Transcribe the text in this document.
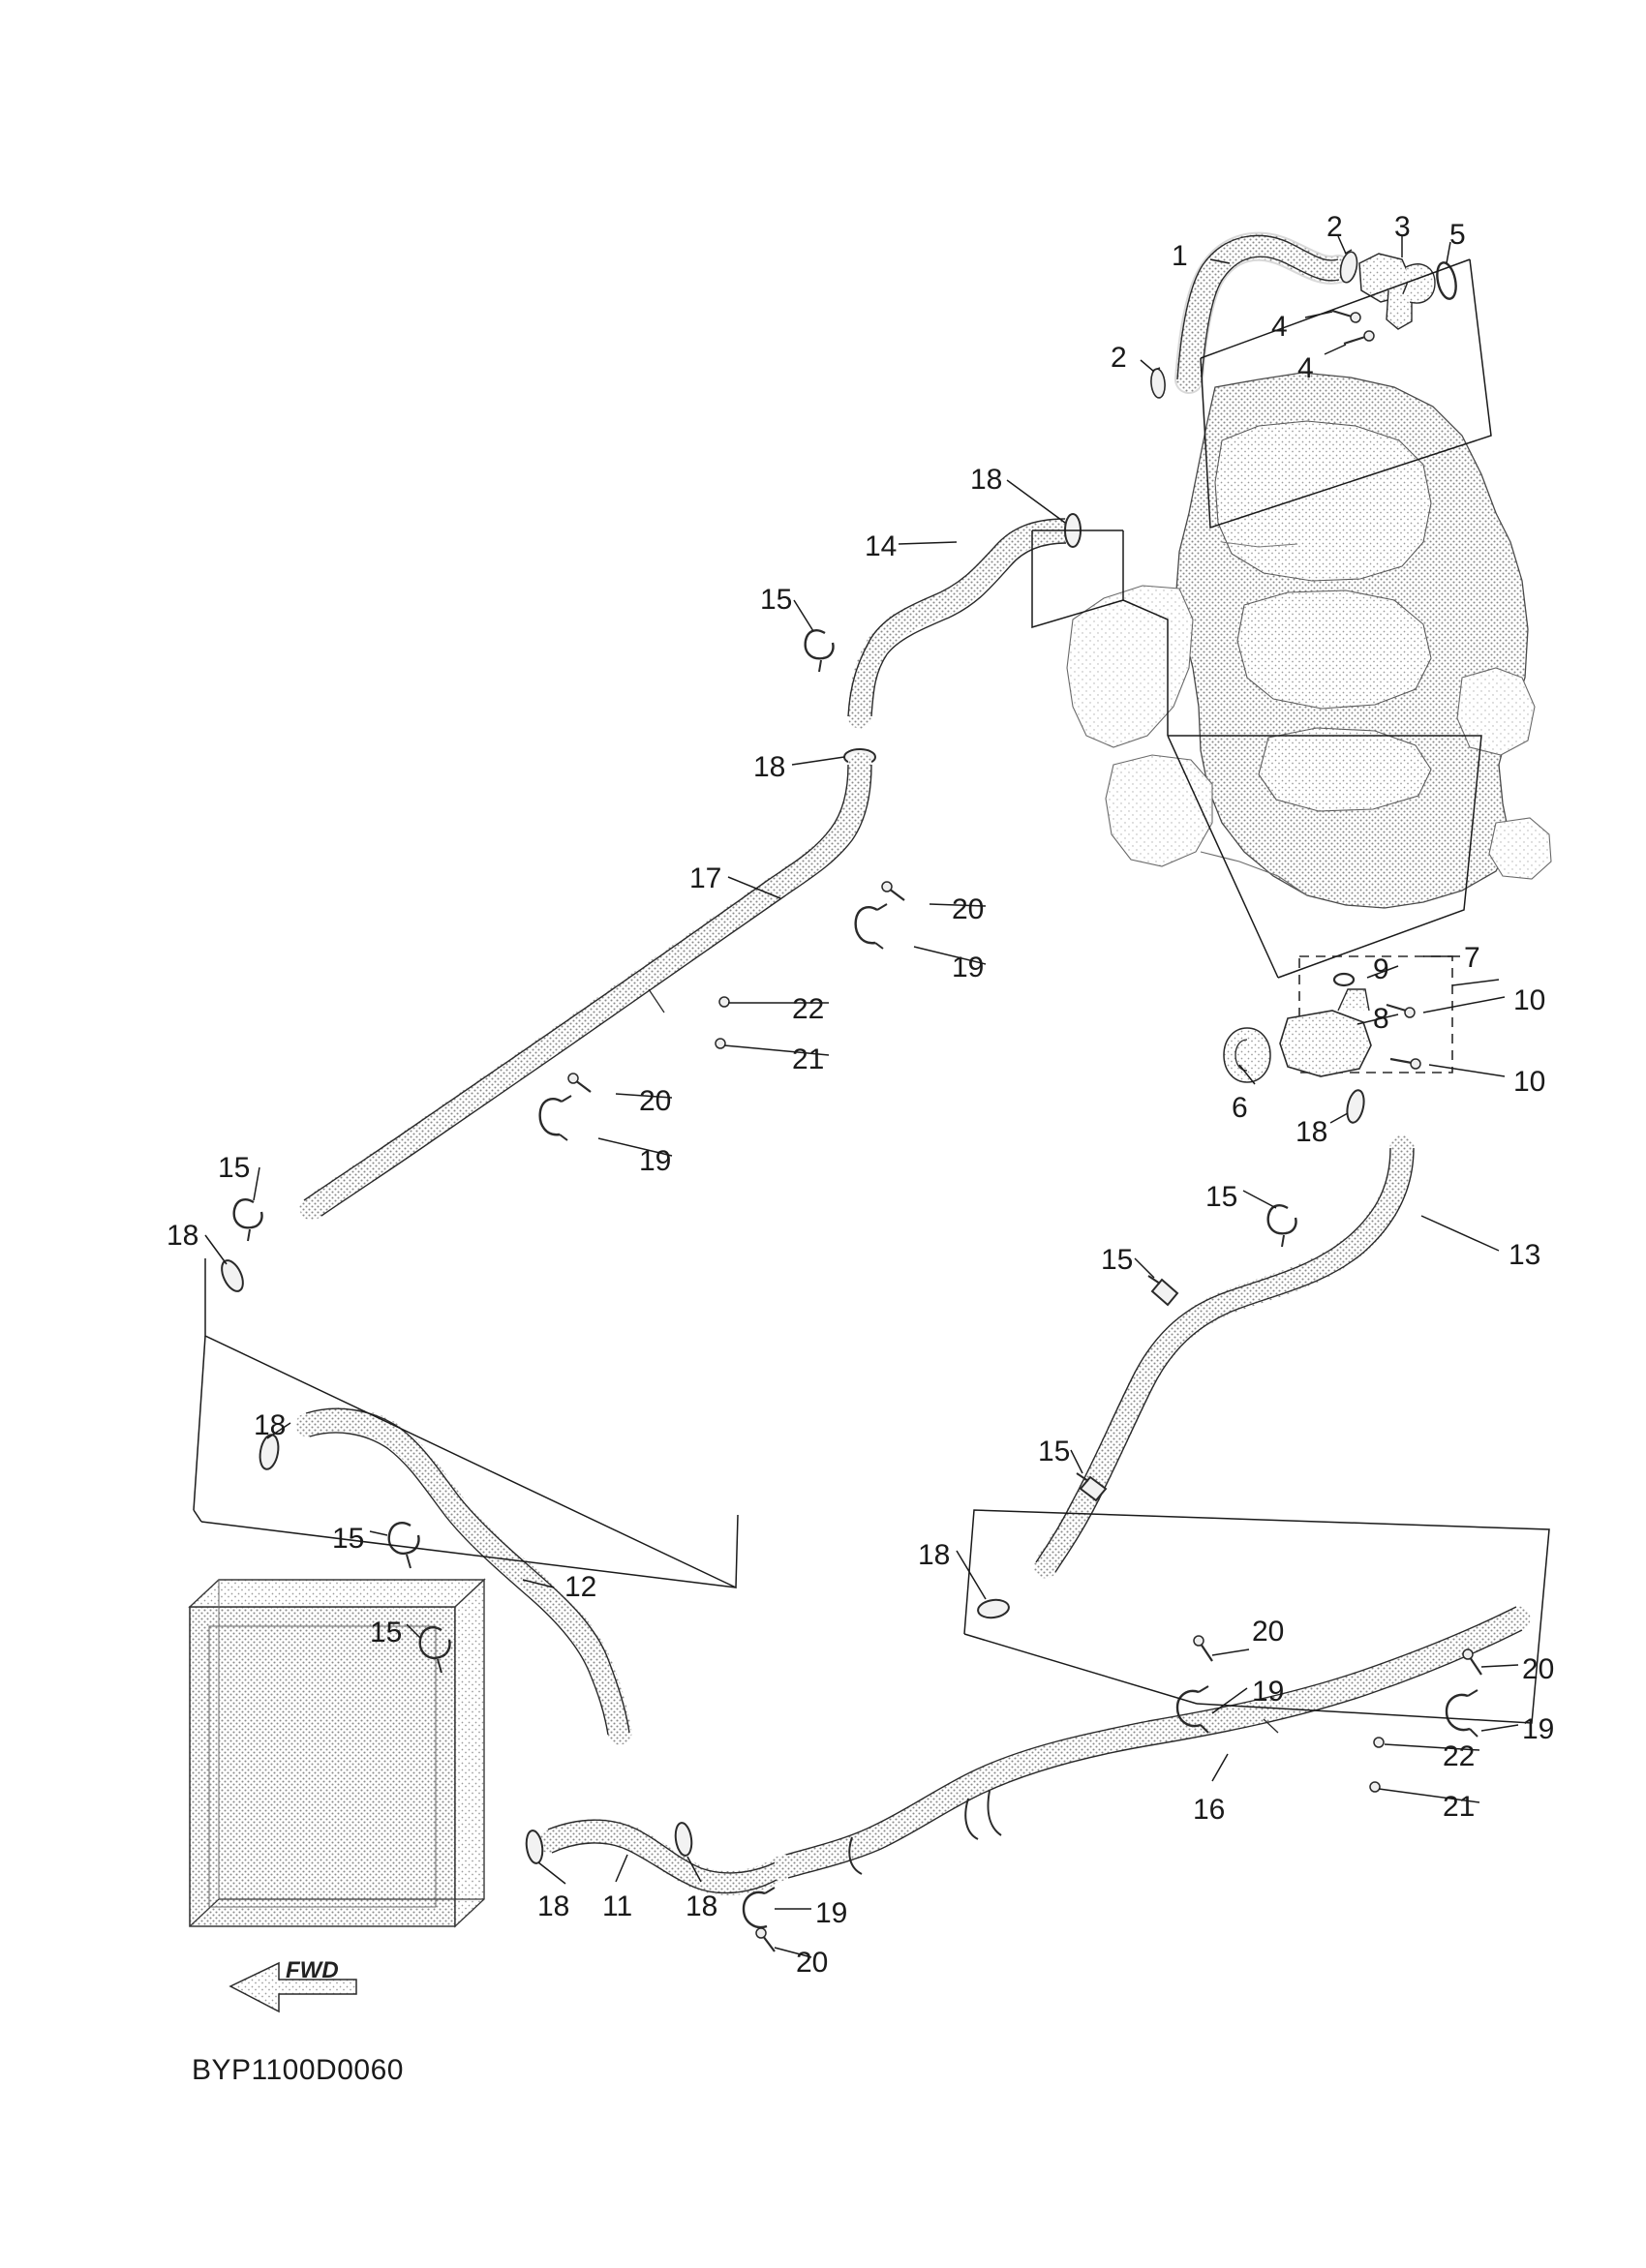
BYP1100D0060
FWD
1
2 3 5
4
4
2
18
14
15
18
17
20
19
22
21
20
19
15
18
7
9
8
10
10
6
18
15
13
15
15
18
18
15
12
15	20
19
20
19
22
21
16
18 11 18	19
20
